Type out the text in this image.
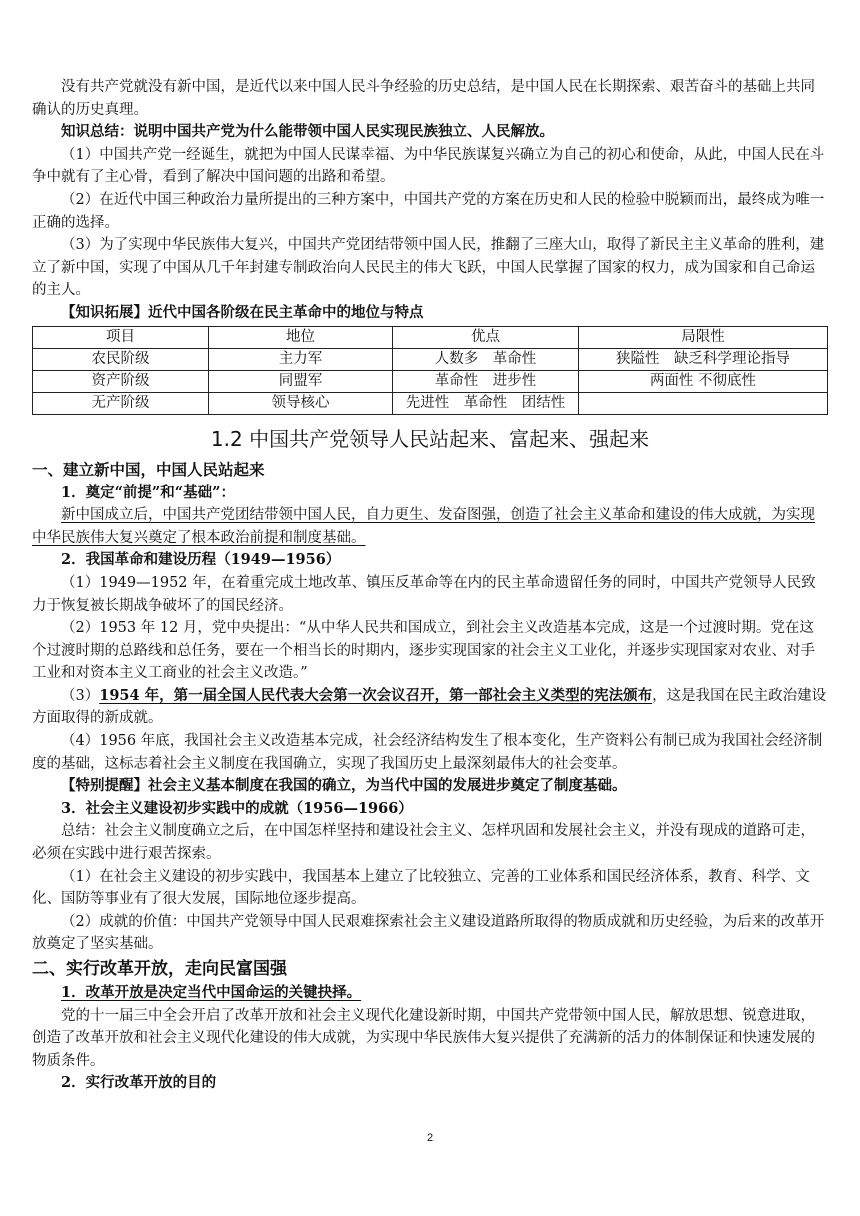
没有共产党就没有新中国，是近代以来中国人民斗争经验的历史总结，是中国人民在长期探索、艰苦奋斗的基础上共同确认的历史真理。

知识总结：说明中国共产党为什么能带领中国人民实现民族独立、人民解放。

（1）中国共产党一经诞生，就把为中国人民谋幸福、为中华民族谋复兴确立为自己的初心和使命，从此，中国人民在斗争中就有了主心骨，看到了解决中国问题的出路和希望。

（2）在近代中国三种政治力量所提出的三种方案中，中国共产党的方案在历史和人民的检验中脱颖而出，最终成为唯一正确的选择。

（3）为了实现中华民族伟大复兴，中国共产党团结带领中国人民，推翻了三座大山，取得了新民主主义革命的胜利，建立了新中国，实现了中国从几千年封建专制政治向人民民主的伟大飞跃，中国人民掌握了国家的权力，成为国家和自己命运的主人。

【知识拓展】近代中国各阶级在民主革命中的地位与特点

项目	地位	优点	局限性
农民阶级	主力军	人数多　革命性	狭隘性　缺乏科学理论指导
资产阶级	同盟军	革命性　进步性	两面性 不彻底性
无产阶级	领导核心	先进性　革命性　团结性	
1.2 中国共产党领导人民站起来、富起来、强起来

一、建立新中国，中国人民站起来

1．奠定“前提”和“基础”：

新中国成立后，中国共产党团结带领中国人民，自力更生、发奋图强，创造了社会主义革命和建设的伟大成就，为实现中华民族伟大复兴奠定了根本政治前提和制度基础。

2．我国革命和建设历程（1949—1956）

（1）1949—1952 年，在着重完成土地改革、镇压反革命等在内的民主革命遗留任务的同时，中国共产党领导人民致力于恢复被长期战争破坏了的国民经济。

（2）1953 年 12 月，党中央提出：“从中华人民共和国成立，到社会主义改造基本完成，这是一个过渡时期。党在这个过渡时期的总路线和总任务，要在一个相当长的时期内，逐步实现国家的社会主义工业化，并逐步实现国家对农业、对手工业和对资本主义工商业的社会主义改造。”

（3）1954 年，第一届全国人民代表大会第一次会议召开，第一部社会主义类型的宪法颁布，这是我国在民主政治建设方面取得的新成就。

（4）1956 年底，我国社会主义改造基本完成，社会经济结构发生了根本变化，生产资料公有制已成为我国社会经济制度的基础，这标志着社会主义制度在我国确立，实现了我国历史上最深刻最伟大的社会变革。

【特别提醒】社会主义基本制度在我国的确立，为当代中国的发展进步奠定了制度基础。

3．社会主义建设初步实践中的成就（1956—1966）

总结：社会主义制度确立之后，在中国怎样坚持和建设社会主义、怎样巩固和发展社会主义，并没有现成的道路可走，必须在实践中进行艰苦探索。

（1）在社会主义建设的初步实践中，我国基本上建立了比较独立、完善的工业体系和国民经济体系，教育、科学、文化、国防等事业有了很大发展，国际地位逐步提高。

（2）成就的价值：中国共产党领导中国人民艰难探索社会主义建设道路所取得的物质成就和历史经验，为后来的改革开放奠定了坚实基础。

二、实行改革开放，走向民富国强

1．改革开放是决定当代中国命运的关键抉择。

党的十一届三中全会开启了改革开放和社会主义现代化建设新时期，中国共产党带领中国人民，解放思想、锐意进取，创造了改革开放和社会主义现代化建设的伟大成就，为实现中华民族伟大复兴提供了充满新的活力的体制保证和快速发展的物质条件。

2．实行改革开放的目的

2
